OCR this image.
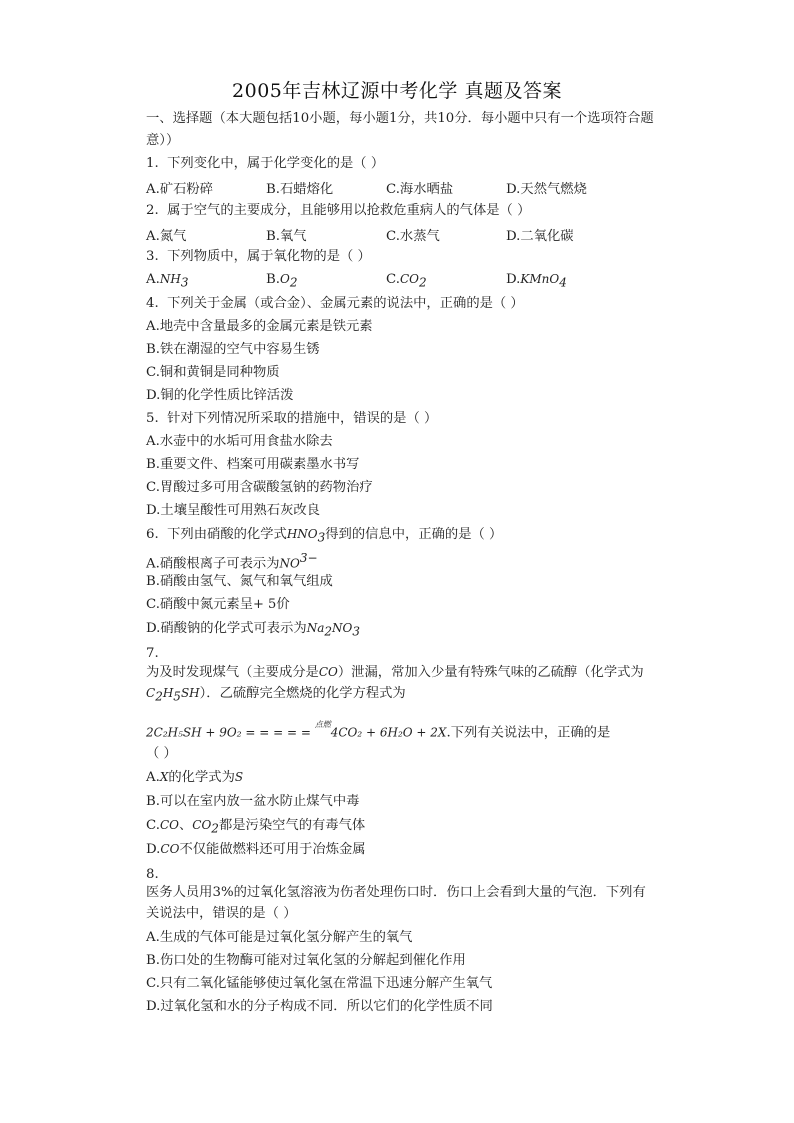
2005年吉林辽源中考化学 真题及答案
一、选择题（本大题包括10小题，每小题1分，共10分．每小题中只有一个选项符合题
意））
1.  下列变化中，属于化学变化的是（ ）
A.矿石粉碎	B.石蜡熔化	C.海水晒盐	D.天然气燃烧
2.  属于空气的主要成分，且能够用以抢救危重病人的气体是（ ）
A.氮气	B.氧气	C.水蒸气	D.二氧化碳
3.  下列物质中，属于氧化物的是（ ）
$A.NH_3$	$B.O_2$	$C.CO_2$	D.KMnO$_4$
4.  下列关于金属（或合金）、金属元素的说法中，正确的是（ ）
A.地壳中含量最多的金属元素是铁元素
B.铁在潮湿的空气中容易生锈
C.铜和黄铜是同种物质
D.铜的化学性质比锌活泼
5.  针对下列情况所采取的措施中，错误的是（ ）
A.水壶中的水垢可用食盐水除去
B.重要文件、档案可用碳素墨水书写
C.胃酸过多可用含碳酸氢钠的药物治疗
D.土壤呈酸性可用熟石灰改良
6.  下列由硝酸的化学式$HNO_3$得到的信息中，正确的是（ ）
A.硝酸根离子可表示为$NO^{3-}$
B.硝酸由氢气、氮气和氧气组成
C.硝酸中氮元素呈+ 5价
D.硝酸钠的化学式可表示为$Na_2NO_3$
7.
为及时发现煤气（主要成分是CO）泄漏，常加入少量有特殊气味的乙硫醇（化学式为
$C_2H_5SH$）．乙硫醇完全燃烧的化学方程式为
2C₂H₅SH + 9O₂ = = = = = $^{点燃}$4CO₂ + 6H₂O + 2X.下列有关说法中，正确的是
（ ）
A.X的化学式为S
B.可以在室内放一盆水防止煤气中毒
C.CO、$CO_2$都是污染空气的有毒气体
D.CO不仅能做燃料还可用于冶炼金属
8.
医务人员用3%的过氧化氢溶液为伤者处理伤口时．伤口上会看到大量的气泡．下列有
关说法中，错误的是（ ）
A.生成的气体可能是过氧化氢分解产生的氧气
B.伤口处的生物酶可能对过氧化氢的分解起到催化作用
C.只有二氧化锰能够使过氧化氢在常温下迅速分解产生氧气
D.过氧化氢和水的分子构成不同．所以它们的化学性质不同
